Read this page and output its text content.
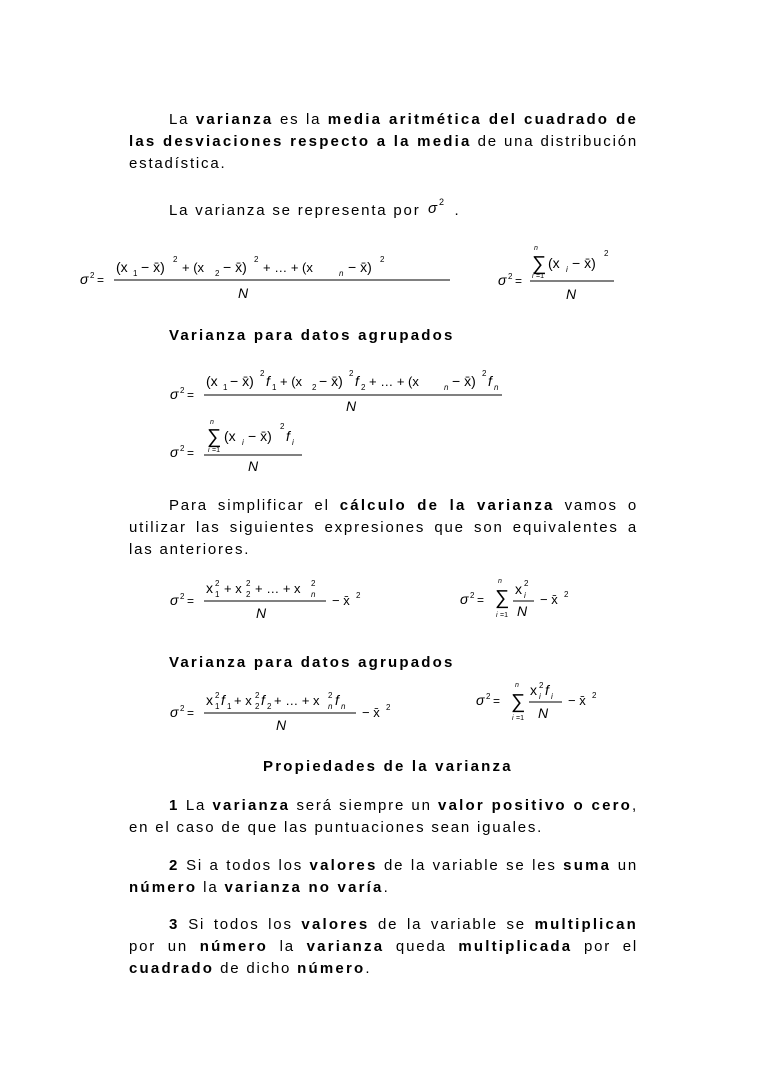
La varianza es la media aritmética del cuadrado de las desviaciones respecto a la media de una distribución estadística.
La varianza se representa por σ 2 .
σ 2 =
(x 1 − x̄) 2
+ (x 2 − x̄) 2
+ … + (x	n − x̄) 2
N
σ 2 =
n
∑
i =1
(x i − x̄)
2
N
Varianza para datos agrupados
σ 2 =
(x 1 − x̄) 2 f 1 + (x 2 − x̄) 2 f 2 + … + (x	n − x̄) 2 f n
N
σ 2 =
n
∑
i =1
(x i − x̄)
2
f i
N
Para simplificar el cálculo de la varianza vamos o utilizar las siguientes expresiones que son equivalentes a las anteriores.
σ 2 =
x 2
1 + x 2
2 + … + x 2
n
N
− x̄ 2	σ 2 =
n
∑
i =1
x 2
i
N
− x̄ 2
Varianza para datos agrupados
σ 2 =
x 2
1 f 1 + x 2
2 f 2 + … + x 2
n f n
N
− x̄ 2	σ 2 =
n
∑
i =1
x 2
i f i
N
− x̄ 2
Propiedades de la varianza
1 La varianza será siempre un valor positivo o cero, en el caso de que las puntuaciones sean iguales.
2 Si a todos los valores de la variable se les suma un número la varianza no varía.
3 Si todos los valores de la variable se multiplican por un número la varianza queda multiplicada por el cuadrado de dicho número.
